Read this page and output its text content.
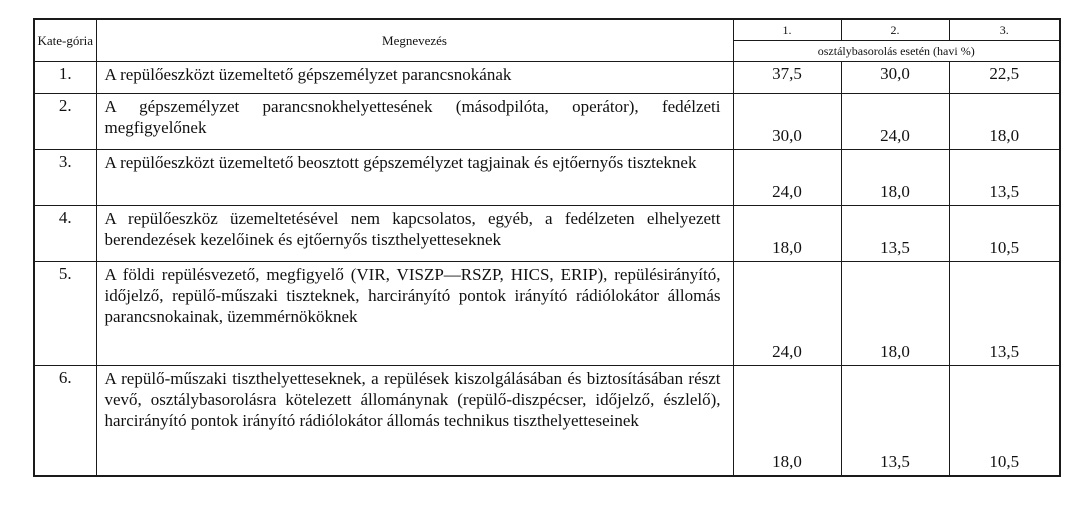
Kate-gória	Megnevezés	1.	2.	3.
		osztálybasorolás esetén (havi %)		
1.	A repülőeszközt üzemeltető gépszemélyzet parancsnokának	37,5	30,0	22,5
2.	A gépszemélyzet parancsnokhelyettesének (másodpilóta, operátor), fedélzeti megfigyelőnek	30,0	24,0	18,0
3.	A repülőeszközt üzemeltető beosztott gépszemélyzet tagjainak és ejtőernyős tiszteknek	24,0	18,0	13,5
4.	A repülőeszköz üzemeltetésével nem kapcsolatos, egyéb, a fedélzeten elhelyezett berendezések kezelőinek és ejtőernyős tiszthelyetteseknek	18,0	13,5	10,5
5.	A földi repülésvezető, megfigyelő (VIR, VISZP—RSZP, HICS, ERIP), repülésirányító, időjelző, repülő-műszaki tiszteknek, harcirányító pontok irányító rádiólokátor állomás parancsnokainak, üzemmérnököknek	24,0	18,0	13,5
6.	A repülő-műszaki tiszthelyetteseknek, a repülések kiszolgálásában és biztosításában részt vevő, osztálybasorolásra kötelezett állománynak (repülő-diszpécser, időjelző, észlelő), harcirányító pontok irányító rádiólokátor állomás technikus tiszthelyetteseinek	18,0	13,5	10,5
